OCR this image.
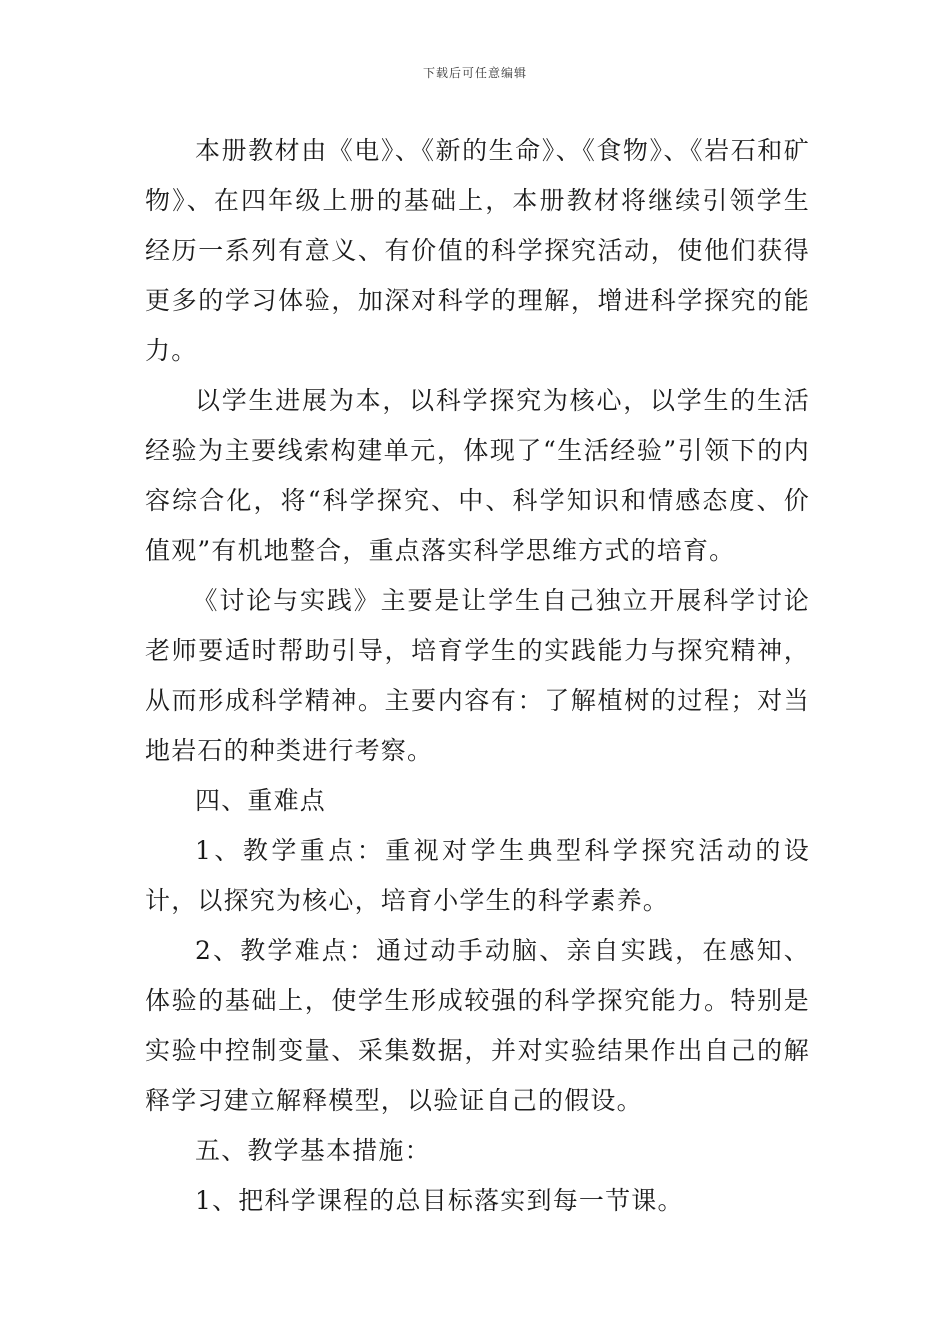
下载后可任意编辑

本册教材由《电》、《新的生命》、《食物》、《岩石和矿物》、在四年级上册的基础上，本册教材将继续引领学生经历一系列有意义、有价值的科学探究活动，使他们获得更多的学习体验，加深对科学的理解，增进科学探究的能力。

以学生进展为本，以科学探究为核心，以学生的生活经验为主要线索构建单元，体现了“生活经验”引领下的内容综合化，将“科学探究、中、科学知识和情感态度、价值观”有机地整合，重点落实科学思维方式的培育。

《讨论与实践》主要是让学生自己独立开展科学讨论老师要适时帮助引导，培育学生的实践能力与探究精神，从而形成科学精神。主要内容有：了解植树的过程；对当地岩石的种类进行考察。

四、重难点

1、教学重点：重视对学生典型科学探究活动的设计，以探究为核心，培育小学生的科学素养。

2、教学难点：通过动手动脑、亲自实践，在感知、体验的基础上，使学生形成较强的科学探究能力。特别是实验中控制变量、采集数据，并对实验结果作出自己的解释学习建立解释模型，以验证自己的假设。

五、教学基本措施：

1、把科学课程的总目标落实到每一节课。
